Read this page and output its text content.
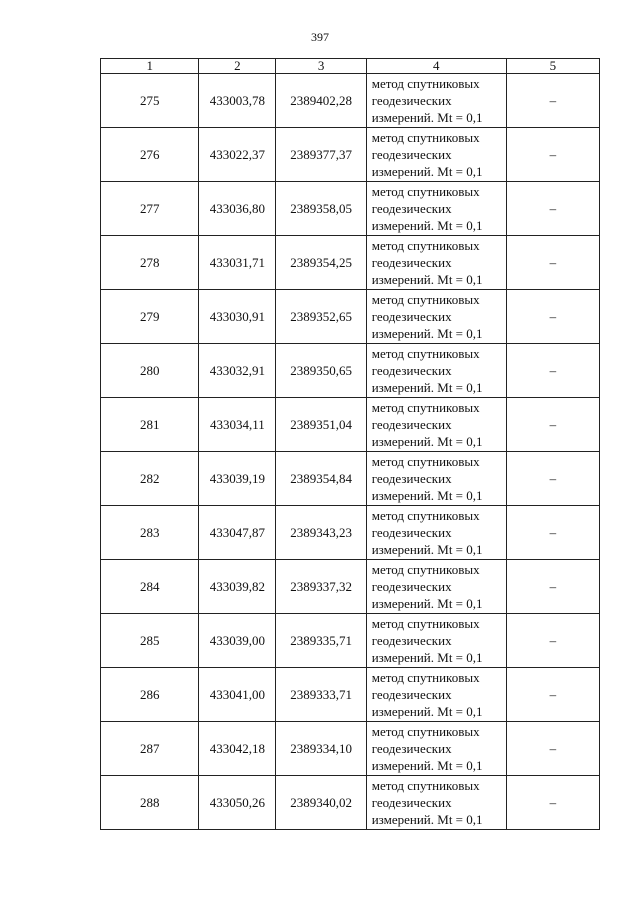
397
1	2	3	4	5
275	433003,78	2389402,28	метод спутниковых
геодезических
измерений. Mt = 0,1	–
276	433022,37	2389377,37	метод спутниковых
геодезических
измерений. Mt = 0,1	–
277	433036,80	2389358,05	метод спутниковых
геодезических
измерений. Mt = 0,1	–
278	433031,71	2389354,25	метод спутниковых
геодезических
измерений. Mt = 0,1	–
279	433030,91	2389352,65	метод спутниковых
геодезических
измерений. Mt = 0,1	–
280	433032,91	2389350,65	метод спутниковых
геодезических
измерений. Mt = 0,1	–
281	433034,11	2389351,04	метод спутниковых
геодезических
измерений. Mt = 0,1	–
282	433039,19	2389354,84	метод спутниковых
геодезических
измерений. Mt = 0,1	–
283	433047,87	2389343,23	метод спутниковых
геодезических
измерений. Mt = 0,1	–
284	433039,82	2389337,32	метод спутниковых
геодезических
измерений. Mt = 0,1	–
285	433039,00	2389335,71	метод спутниковых
геодезических
измерений. Mt = 0,1	–
286	433041,00	2389333,71	метод спутниковых
геодезических
измерений. Mt = 0,1	–
287	433042,18	2389334,10	метод спутниковых
геодезических
измерений. Mt = 0,1	–
288	433050,26	2389340,02	метод спутниковых
геодезических
измерений. Mt = 0,1	–
